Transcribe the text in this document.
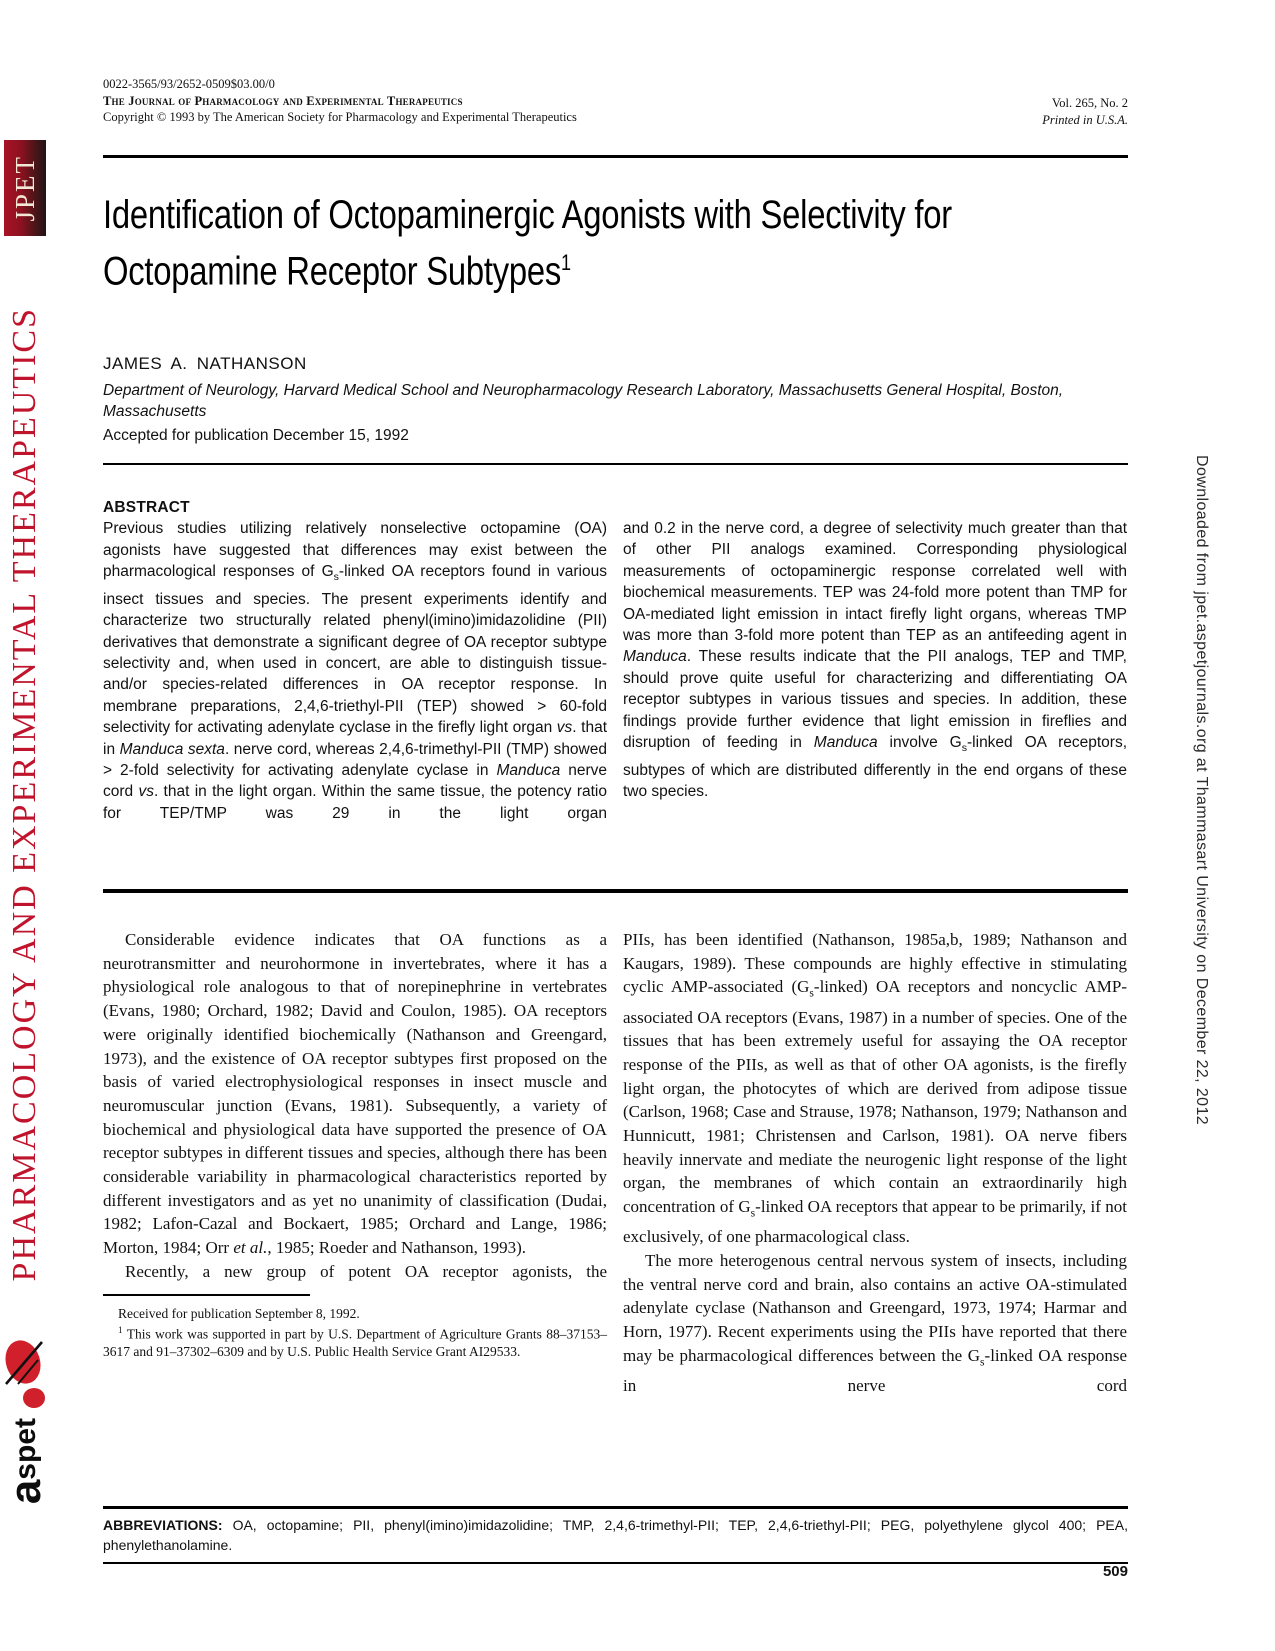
JPET
PHARMACOLOGY AND EXPERIMENTAL THERAPEUTICS
aspet
Downloaded from jpet.aspetjournals.org at Thammasart University on December 22, 2012
0022-3565/93/2652-0509$03.00/0
The Journal of Pharmacology and Experimental Therapeutics
Copyright © 1993 by The American Society for Pharmacology and Experimental Therapeutics
Vol. 265, No. 2
Printed in U.S.A.
Identification of Octopaminergic Agonists with Selectivity for
Octopamine Receptor Subtypes$^1$
JAMES A. NATHANSON
Department of Neurology, Harvard Medical School and Neuropharmacology Research Laboratory, Massachusetts General Hospital, Boston, Massachusetts
Accepted for publication December 15, 1992
ABSTRACT

Previous studies utilizing relatively nonselective octopamine (OA) agonists have suggested that differences may exist between the pharmacological responses of $G_s$-linked OA receptors found in various insect tissues and species. The present experiments identify and characterize two structurally related phenyl(imino)imidazolidine (PII) derivatives that demonstrate a significant degree of OA receptor subtype selectivity and, when used in concert, are able to distinguish tissue- and/or species-related differences in OA receptor response. In membrane preparations, 2,4,6-triethyl-PII (TEP) showed > 60-fold selectivity for activating adenylate cyclase in the firefly light organ vs. that in Manduca sexta. nerve cord, whereas 2,4,6-trimethyl-PII (TMP) showed > 2-fold selectivity for activating adenylate cyclase in Manduca nerve cord vs. that in the light organ. Within the same tissue, the potency ratio for TEP/TMP was 29 in the light organ

and 0.2 in the nerve cord, a degree of selectivity much greater than that of other PII analogs examined. Corresponding physiological measurements of octopaminergic response correlated well with biochemical measurements. TEP was 24-fold more potent than TMP for OA-mediated light emission in intact firefly light organs, whereas TMP was more than 3-fold more potent than TEP as an antifeeding agent in Manduca. These results indicate that the PII analogs, TEP and TMP, should prove quite useful for characterizing and differentiating OA receptor subtypes in various tissues and species. In addition, these findings provide further evidence that light emission in fireflies and disruption of feeding in Manduca involve $G_s$-linked OA receptors, subtypes of which are distributed differently in the end organs of these two species.

Considerable evidence indicates that OA functions as a neurotransmitter and neurohormone in invertebrates, where it has a physiological role analogous to that of norepinephrine in vertebrates (Evans, 1980; Orchard, 1982; David and Coulon, 1985). OA receptors were originally identified biochemically (Nathanson and Greengard, 1973), and the existence of OA receptor subtypes first proposed on the basis of varied electrophysiological responses in insect muscle and neuromuscular junction (Evans, 1981). Subsequently, a variety of biochemical and physiological data have supported the presence of OA receptor subtypes in different tissues and species, although there has been considerable variability in pharmacological characteristics reported by different investigators and as yet no unanimity of classification (Dudai, 1982; Lafon-Cazal and Bockaert, 1985; Orchard and Lange, 1986; Morton, 1984; Orr et al., 1985; Roeder and Nathanson, 1993).

Recently, a new group of potent OA receptor agonists, the

Received for publication September 8, 1992.

$^1$ This work was supported in part by U.S. Department of Agriculture Grants 88–37153–3617 and 91–37302–6309 and by U.S. Public Health Service Grant AI29533.

PIIs, has been identified (Nathanson, 1985a,b, 1989; Nathanson and Kaugars, 1989). These compounds are highly effective in stimulating cyclic AMP-associated $(G_s-linked)$ OA receptors and noncyclic AMP-associated OA receptors (Evans, 1987) in a number of species. One of the tissues that has been extremely useful for assaying the OA receptor response of the PIIs, as well as that of other OA agonists, is the firefly light organ, the photocytes of which are derived from adipose tissue (Carlson, 1968; Case and Strause, 1978; Nathanson, 1979; Nathanson and Hunnicutt, 1981; Christensen and Carlson, 1981). OA nerve fibers heavily innervate and mediate the neurogenic light response of the light organ, the membranes of which contain an extraordinarily high concentration of $G_s$-linked OA receptors that appear to be primarily, if not exclusively, of one pharmacological class.

The more heterogenous central nervous system of insects, including the ventral nerve cord and brain, also contains an active OA-stimulated adenylate cyclase (Nathanson and Greengard, 1973, 1974; Harmar and Horn, 1977). Recent experiments using the PIIs have reported that there may be pharmacological differences between the $G_s$-linked OA response in nerve cord

ABBREVIATIONS: OA, octopamine; PII, phenyl(imino)imidazolidine; TMP, 2,4,6-trimethyl-PII; TEP, 2,4,6-triethyl-PII; PEG, polyethylene glycol 400; PEA, phenylethanolamine.
509
